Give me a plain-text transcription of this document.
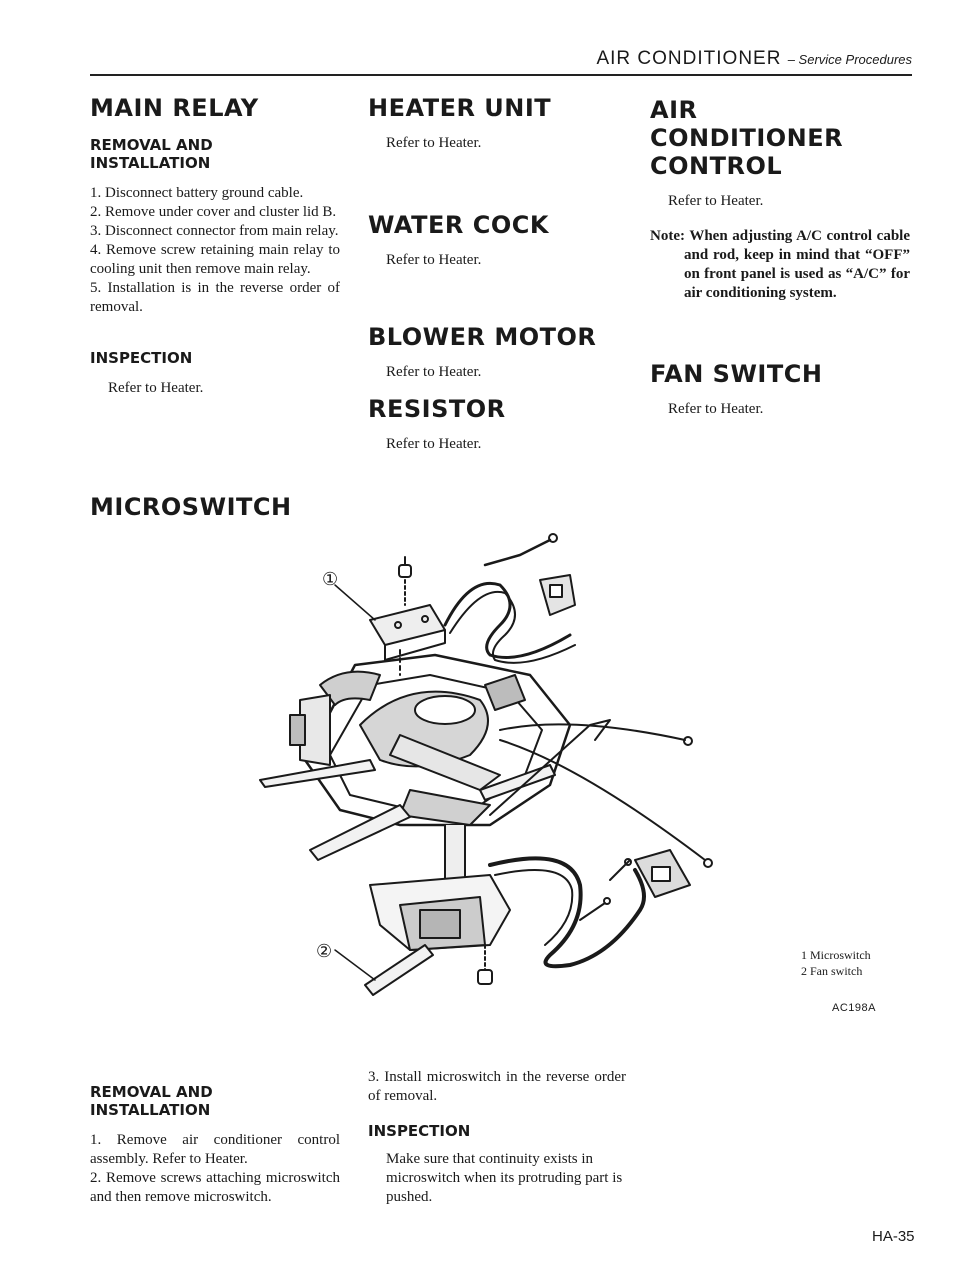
AIR CONDITIONER – Service Procedures
MAIN RELAY
REMOVAL AND INSTALLATION
1. Disconnect battery ground cable.
2. Remove under cover and cluster lid B.
3. Disconnect connector from main relay.
4. Remove screw retaining main relay to cooling unit then remove main relay.
5. Installation is in the reverse order of removal.
INSPECTION
Refer to Heater.
HEATER UNIT
Refer to Heater.
WATER COCK
Refer to Heater.
BLOWER MOTOR
Refer to Heater.
RESISTOR
Refer to Heater.
AIR CONDITIONER CONTROL
Refer to Heater.
Note: When adjusting A/C control cable and rod, keep in mind that “OFF” on front panel is used as “A/C” for air conditioning system.
FAN SWITCH
Refer to Heater.
MICROSWITCH
①
②	1 Microswitch
2 Fan switch
AC198A
REMOVAL AND INSTALLATION
1. Remove air conditioner control assembly. Refer to Heater.
2. Remove screws attaching microswitch and then remove microswitch.
3. Install microswitch in the reverse order of removal.
INSPECTION
Make sure that continuity exists in microswitch when its protruding part is pushed.
HA-35
